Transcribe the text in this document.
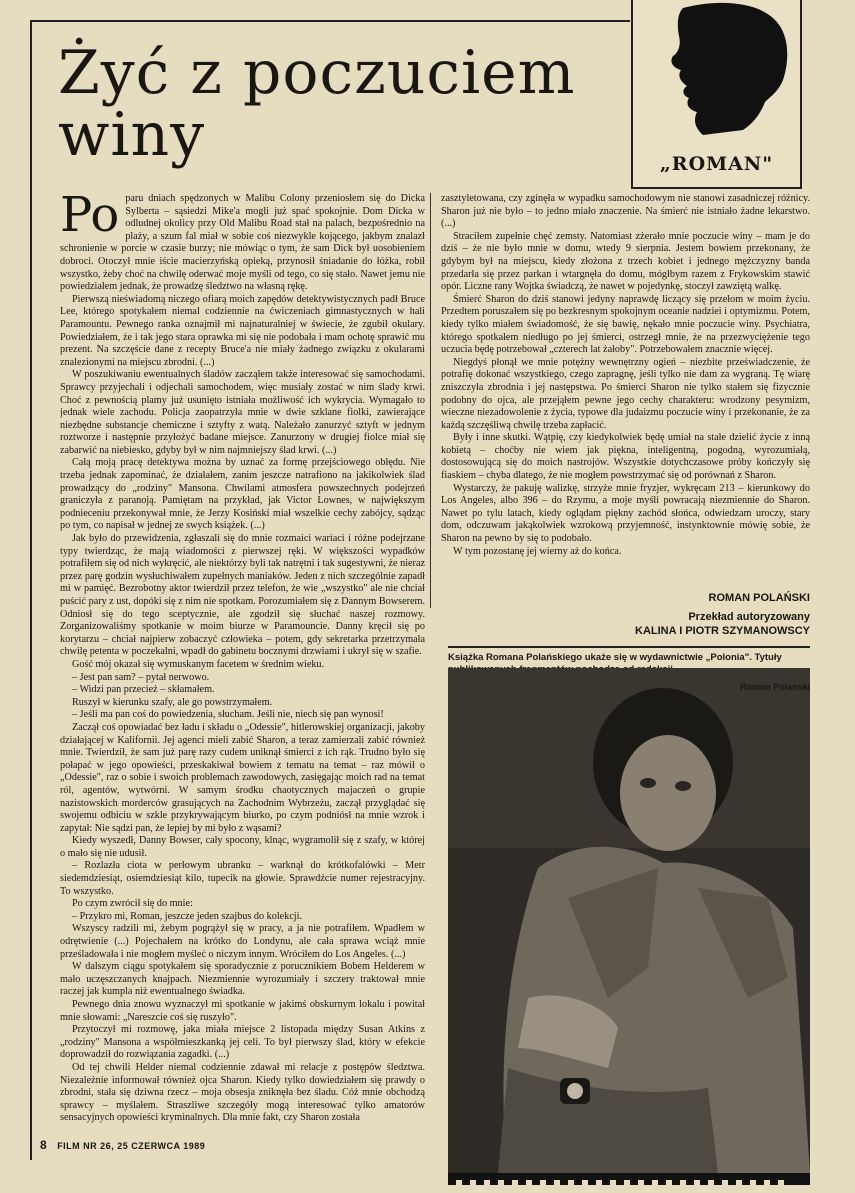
Żyć z poczuciem
winy	„ROMAN"
Po paru dniach spędzonych w Malibu Colony przeniosłem się do Dicka Sylberta – sąsiedzi Mike'a mogli już spać spokojnie. Dom Dicka w odludnej okolicy przy Old Malibu Road stał na palach, bezpośrednio na plaży, a szum fal miał w sobie coś niezwykle kojącego, jakbym znalazł schronienie w porcie w czasie burzy; nie mówiąc o tym, że sam Dick był uosobieniem dobroci. Otoczył mnie iście macierzyńską opieką, przynosił śniadanie do łóżka, robił wszystko, żeby choć na chwilę oderwać moje myśli od tego, co się stało. Nawet jemu nie powiedziałem jednak, że prowadzę śledztwo na własną rękę.

Pierwszą nieświadomą niczego ofiarą moich zapędów detektywistycznych padł Bruce Lee, którego spotykałem niemal codziennie na ćwiczeniach gimnastycznych w hali Paramountu. Pewnego ranka oznajmił mi najnaturalniej w świecie, że zgubił okulary. Powiedziałem, że i tak jego stara oprawka mi się nie podobała i mam ochotę sprawić mu prezent. Na szczęście dane z recepty Bruce'a nie miały żadnego związku z okularami znalezionymi na miejscu zbrodni. (...)

W poszukiwaniu ewentualnych śladów zacząłem także interesować się samochodami. Sprawcy przyjechali i odjechali samochodem, więc musiały zostać w nim ślady krwi. Choć z pewnością plamy już usunięto istniała możliwość ich wykrycia. Wymagało to jednak wiele zachodu. Policja zaopatrzyła mnie w dwie szklane fiolki, zawierające niezbędne substancje chemiczne i sztyfty z watą. Należało zanurzyć sztyft w jednym roztworze i następnie przyłożyć badane miejsce. Zanurzony w drugiej fiolce miał się zabarwić na niebiesko, gdyby był w nim najmniejszy ślad krwi. (...)

Całą moją pracę detektywa można by uznać za formę przejściowego obłędu. Nie trzeba jednak zapominać, że działałem, zanim jeszcze natrafiono na jakikolwiek ślad prowadzący do „rodziny" Mansona. Chwilami atmosfera powszechnych podejrzeń graniczyła z paranoją. Pamiętam na przykład, jak Victor Lownes, w największym podnieceniu przekonywał mnie, że Jerzy Kosiński miał wszelkie cechy zabójcy, sądząc po tym, co napisał w jednej ze swych książek. (...)

Jak było do przewidzenia, zgłaszali się do mnie rozmaici wariaci i różne podejrzane typy twierdząc, że mają wiadomości z pierwszej ręki. W większości wypadków potrafiłem się od nich wykręcić, ale niektórzy byli tak natrętni i tak sugestywni, że nieraz przez parę godzin wysłuchiwałem zupełnych maniaków. Jeden z nich szczególnie zapadł mi w pamięć. Bezrobotny aktor twierdził przez telefon, że wie „wszystko" ale nie chciał puścić pary z ust, dopóki się z nim nie spotkam. Porozumiałem się z Dannym Bowserem. Odniosł się do tego sceptycznie, ale zgodził się słuchać naszej rozmowy. Zorganizowaliśmy spotkanie w moim biurze w Paramouncie. Danny kręcił się po korytarzu – chciał najpierw zobaczyć człowieka – potem, gdy sekretarka przetrzymała chwilę petenta w poczekalni, wpadł do gabinetu bocznymi drzwiami i ukrył się w szafie.

Gość mój okazał się wymuskanym facetem w średnim wieku.

– Jest pan sam? – pytał nerwowo.

– Widzi pan przecież – skłamałem.

Ruszył w kierunku szafy, ale go powstrzymałem.

– Jeśli ma pan coś do powiedzenia, słucham. Jeśli nie, niech się pan wynosi!

Zaczął coś opowiadać bez ładu i składu o „Odessie", hitlerowskiej organizacji, jakoby działającej w Kalifornii. Jej agenci mieli zabić Sharon, a teraz zamierzali zabić również mnie. Twierdził, że sam już parę razy cudem uniknął śmierci z ich rąk. Trudno było się połapać w jego opowieści, przeskakiwał bowiem z tematu na temat – raz mówił o „Odessie", raz o sobie i swoich problemach zawodowych, zasięgając moich rad na temat ról, agentów, wytwórni. W samym środku chaotycznych majaczeń o grupie nazistowskich morderców grasujących na Zachodnim Wybrzeżu, zaczął przyglądać się swojemu odbiciu w szkle przykrywającym biurko, po czym podniósł na mnie wzrok i zapytał: Nie sądzi pan, że lepiej by mi było z wąsami?

Kiedy wyszedł, Danny Bowser, cały spocony, klnąc, wygramolił się z szafy, w której o mało się nie udusił.

– Rozlazła ciota w perłowym ubranku – warknął do krótkofalówki – Metr siedemdziesiąt, osiemdziesiąt kilo, tupecik na głowie. Sprawdźcie numer rejestracyjny. To wszystko.

Po czym zwrócił się do mnie:

– Przykro mi, Roman, jeszcze jeden szajbus do kolekcji.

Wszyscy radzili mi, żebym pogrążył się w pracy, a ja nie potrafiłem. Wpadłem w odrętwienie (...) Pojechałem na krótko do Londynu, ale cała sprawa wciąż mnie prześladowała i nie mogłem myśleć o niczym innym. Wróciłem do Los Angeles. (...)

W dalszym ciągu spotykałem się sporadycznie z porucznikiem Bobem Helderem w mało uczęszczanych knajpach. Niezmiennie wyrozumiały i szczery traktował mnie raczej jak kumpla niż ewentualnego świadka.

Pewnego dnia znowu wyznaczył mi spotkanie w jakimś obskurnym lokalu i powitał mnie słowami: „Nareszcie coś się ruszyło".

Przytoczył mi rozmowę, jaka miała miejsce 2 listopada między Susan Atkins z „rodziny" Mansona a współmieszkanką jej celi. To był pierwszy ślad, który w efekcie doprowadził do rozwiązania zagadki. (...)

Od tej chwili Helder niemal codziennie zdawał mi relacje z postępów śledztwa. Niezależnie informował również ojca Sharon. Kiedy tylko dowiedziałem się prawdy o zbrodni, stała się dziwna rzecz – moja obsesja zniknęła bez śladu. Cóż mnie obchodzą sprawcy – myślałem. Straszliwe szczegóły mogą interesować tylko amatorów sensacyjnych opowieści kryminalnych. Dla mnie fakt, czy Sharon została

zasztyletowana, czy zginęła w wypadku samochodowym nie stanowi zasadniczej różnicy. Sharon już nie było – to jedno miało znaczenie. Na śmierć nie istniało żadne lekarstwo. (...)

Straciłem zupełnie chęć zemsty. Natomiast zżerało mnie poczucie winy – mam je do dziś – że nie było mnie w domu, wtedy 9 sierpnia. Jestem bowiem przekonany, że gdybym był na miejscu, kiedy złożona z trzech kobiet i jednego mężczyzny banda przedarła się przez parkan i wtargnęła do domu, mógłbym razem z Frykowskim stawić opór. Liczne rany Wojtka świadczą, że nawet w pojedynkę, stoczył zawziętą walkę.

Śmierć Sharon do dziś stanowi jedyny naprawdę liczący się przełom w moim życiu. Przedtem poruszałem się po bezkresnym spokojnym oceanie nadziei i optymizmu. Potem, kiedy tylko miałem świadomość, że się bawię, nękało mnie poczucie winy. Psychiatra, którego spotkałem niedługo po jej śmierci, ostrzegł mnie, że na przezwyciężenie tego uczucia będę potrzebował „czterech lat żałoby". Potrzebowałem znacznie więcej.

Niegdyś płonął we mnie potężny wewnętrzny ogień – niezbite przeświadczenie, że potrafię dokonać wszystkiego, czego zapragnę, jeśli tylko nie dam za wygraną. Tę wiarę zniszczyła zbrodnia i jej następstwa. Po śmierci Sharon nie tylko stałem się fizycznie podobny do ojca, ale przejąłem pewne jego cechy charakteru: wrodzony pesymizm, wieczne niezadowolenie z życia, typowe dla judaizmu poczucie winy i przekonanie, że za każdą szczęśliwą chwilę trzeba zapłacić.

Były i inne skutki. Wątpię, czy kiedykolwiek będę umiał na stałe dzielić życie z inną kobietą – choćby nie wiem jak piękna, inteligentną, pogodną, wyrozumiałą, dostosowującą się do moich nastrojów. Wszystkie dotychczasowe próby kończyły się fiaskiem – chyba dlatego, że nie mogłem powstrzymać się od porównań z Sharon.

Wystarczy, że pakuję walizkę, strzyże mnie fryzjer, wykręcam 213 – kierunkowy do Los Angeles, albo 396 – do Rzymu, a moje myśli powracają niezmiennie do Sharon. Nawet po tylu latach, kiedy oglądam piękny zachód słońca, odwiedzam uroczy, stary dom, odczuwam jakąkolwiek wzrokową przyjemność, instynktownie mówię sobie, że Sharon na pewno by się to podobało.

W tym pozostanę jej wierny aż do końca.

ROMAN POLAŃSKI
Przekład autoryzowany
KALINA I PIOTR SZYMANOWSCY
Książka Romana Polańskiego ukaże się w wydawnictwie „Polonia". Tytuły
Roman Polański
8 FILM NR 26, 25 CZERWCA 1989
